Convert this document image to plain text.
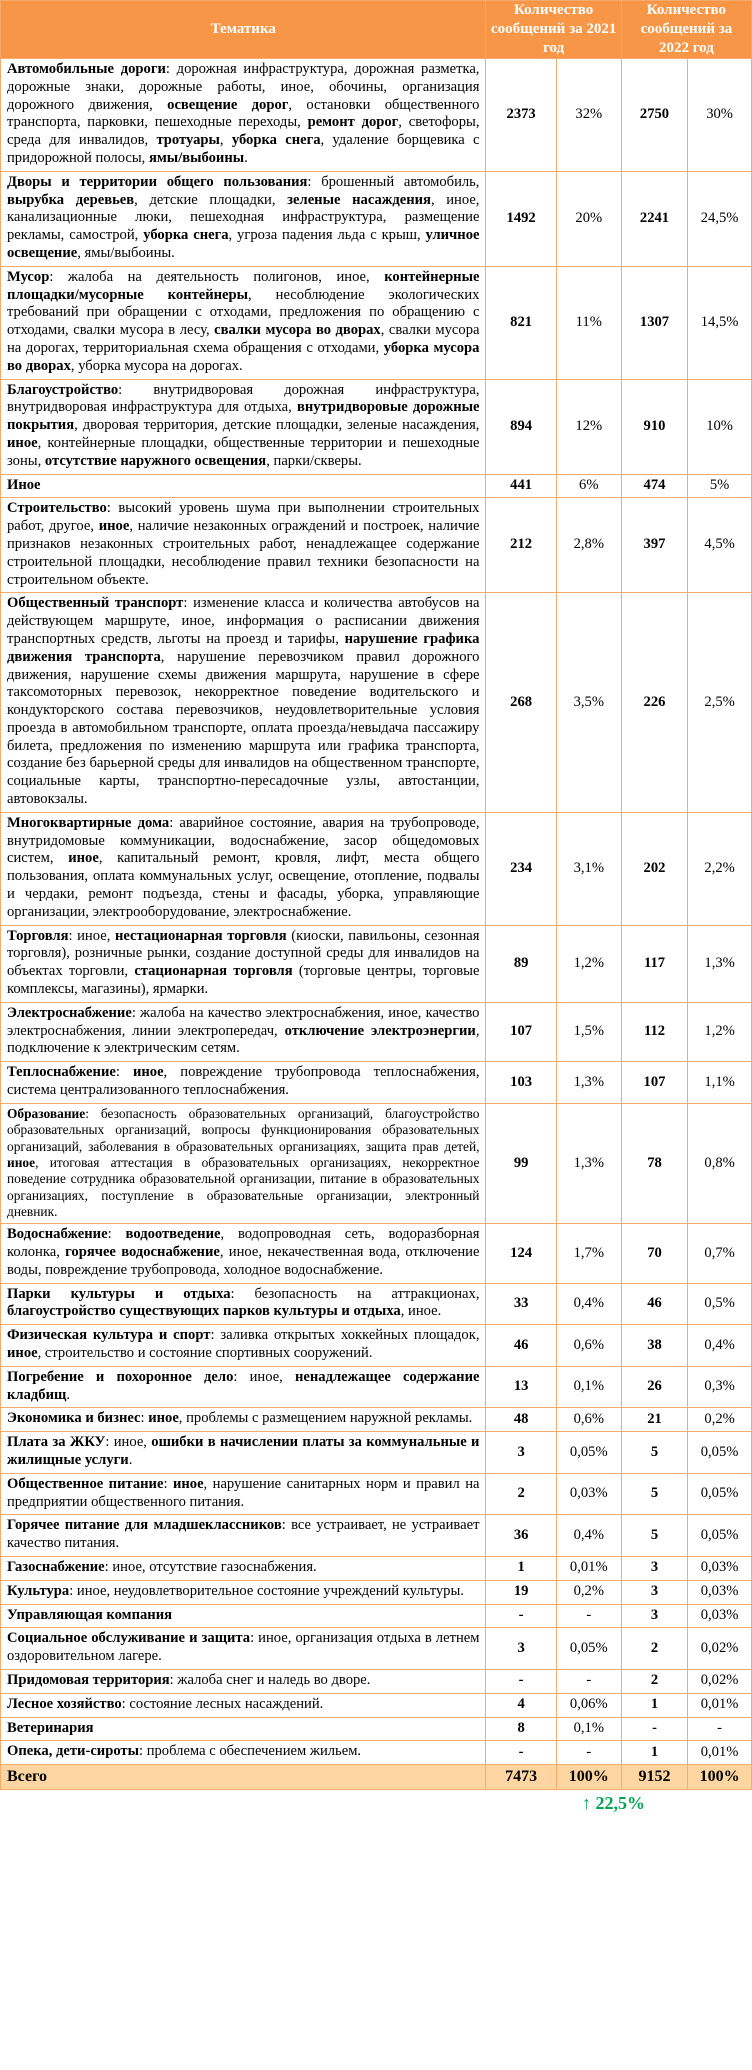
Тематика	Количество сообщений за 2021 год		Количество сообщений за 2022 год	
Автомобильные дороги: дорожная инфраструктура, дорожная разметка, дорожные знаки, дорожные работы, иное, обочины, организация дорожного движения, освещение дорог, остановки общественного транспорта, парковки, пешеходные переходы, ремонт дорог, светофоры, среда для инвалидов, тротуары, уборка снега, удаление борщевика с придорожной полосы, ямы/выбоины.	2373	32%	2750	30%
Дворы и территории общего пользования: брошенный автомобиль, вырубка деревьев, детские площадки, зеленые насаждения, иное, канализационные люки, пешеходная инфраструктура, размещение рекламы, самострой, уборка снега, угроза падения льда с крыш, уличное освещение, ямы/выбоины.	1492	20%	2241	24,5%
Мусор: жалоба на деятельность полигонов, иное, контейнерные площадки/мусорные контейнеры, несоблюдение экологических требований при обращении с отходами, предложения по обращению с отходами, свалки мусора в лесу, свалки мусора во дворах, свалки мусора на дорогах, территориальная схема обращения с отходами, уборка мусора во дворах, уборка мусора на дорогах.	821	11%	1307	14,5%
Благоустройство: внутридворовая дорожная инфраструктура, внутридворовая инфраструктура для отдыха, внутридворовые дорожные покрытия, дворовая территория, детские площадки, зеленые насаждения, иное, контейнерные площадки, общественные территории и пешеходные зоны, отсутствие наружного освещения, парки/скверы.	894	12%	910	10%
Иное	441	6%	474	5%
Строительство: высокий уровень шума при выполнении строительных работ, другое, иное, наличие незаконных ограждений и построек, наличие признаков незаконных строительных работ, ненадлежащее содержание строительной площадки, несоблюдение правил техники безопасности на строительном объекте.	212	2,8%	397	4,5%
Общественный транспорт: изменение класса и количества автобусов на действующем маршруте, иное, информация о расписании движения транспортных средств, льготы на проезд и тарифы, нарушение графика движения транспорта, нарушение перевозчиком правил дорожного движения, нарушение схемы движения маршрута, нарушение в сфере таксомоторных перевозок, некорректное поведение водительского и кондукторского состава перевозчиков, неудовлетворительные условия проезда в автомобильном транспорте, оплата проезда/невыдача пассажиру билета, предложения по изменению маршрута или графика транспорта, создание без барьерной среды для инвалидов на общественном транспорте, социальные карты, транспортно-пересадочные узлы, автостанции, автовокзалы.	268	3,5%	226	2,5%
Многоквартирные дома: аварийное состояние, авария на трубопроводе, внутридомовые коммуникации, водоснабжение, засор общедомовых систем, иное, капитальный ремонт, кровля, лифт, места общего пользования, оплата коммунальных услуг, освещение, отопление, подвалы и чердаки, ремонт подъезда, стены и фасады, уборка, управляющие организации, электрооборудование, электроснабжение.	234	3,1%	202	2,2%
Торговля: иное, нестационарная торговля (киоски, павильоны, сезонная торговля), розничные рынки, создание доступной среды для инвалидов на объектах торговли, стационарная торговля (торговые центры, торговые комплексы, магазины), ярмарки.	89	1,2%	117	1,3%
Электроснабжение: жалоба на качество электроснабжения, иное, качество электроснабжения, линии электропередач, отключение электроэнергии, подключение к электрическим сетям.	107	1,5%	112	1,2%
Теплоснабжение: иное, повреждение трубопровода теплоснабжения, система централизованного теплоснабжения.	103	1,3%	107	1,1%
Образование: безопасность образовательных организаций, благоустройство образовательных организаций, вопросы функционирования образовательных организаций, заболевания в образовательных организациях, защита прав детей, иное, итоговая аттестация в образовательных организациях, некорректное поведение сотрудника образовательной организации, питание в образовательных организациях, поступление в образовательные организации, электронный дневник.	99	1,3%	78	0,8%
Водоснабжение: водоотведение, водопроводная сеть, водоразборная колонка, горячее водоснабжение, иное, некачественная вода, отключение воды, повреждение трубопровода, холодное водоснабжение.	124	1,7%	70	0,7%
Парки культуры и отдыха: безопасность на аттракционах, благоустройство существующих парков культуры и отдыха, иное.	33	0,4%	46	0,5%
Физическая культура и спорт: заливка открытых хоккейных площадок, иное, строительство и состояние спортивных сооружений.	46	0,6%	38	0,4%
Погребение и похоронное дело: иное, ненадлежащее содержание кладбищ.	13	0,1%	26	0,3%
Экономика и бизнес: иное, проблемы с размещением наружной рекламы.	48	0,6%	21	0,2%
Плата за ЖКУ: иное, ошибки в начислении платы за коммунальные и жилищные услуги.	3	0,05%	5	0,05%
Общественное питание: иное, нарушение санитарных норм и правил на предприятии общественного питания.	2	0,03%	5	0,05%
Горячее питание для младшеклассников: все устраивает, не устраивает качество питания.	36	0,4%	5	0,05%
Газоснабжение: иное, отсутствие газоснабжения.	1	0,01%	3	0,03%
Культура: иное, неудовлетворительное состояние учреждений культуры.	19	0,2%	3	0,03%
Управляющая компания	-	-	3	0,03%
Социальное обслуживание и защита: иное, организация отдыха в летнем оздоровительном лагере.	3	0,05%	2	0,02%
Придомовая территория: жалоба снег и наледь во дворе.	-	-	2	0,02%
Лесное хозяйство: состояние лесных насаждений.	4	0,06%	1	0,01%
Ветеринария	8	0,1%	-	-
Опека, дети-сироты: проблема с обеспечением жильем.	-	-	1	0,01%
Всего	7473	100%	9152	100%
↑ 22,5%
